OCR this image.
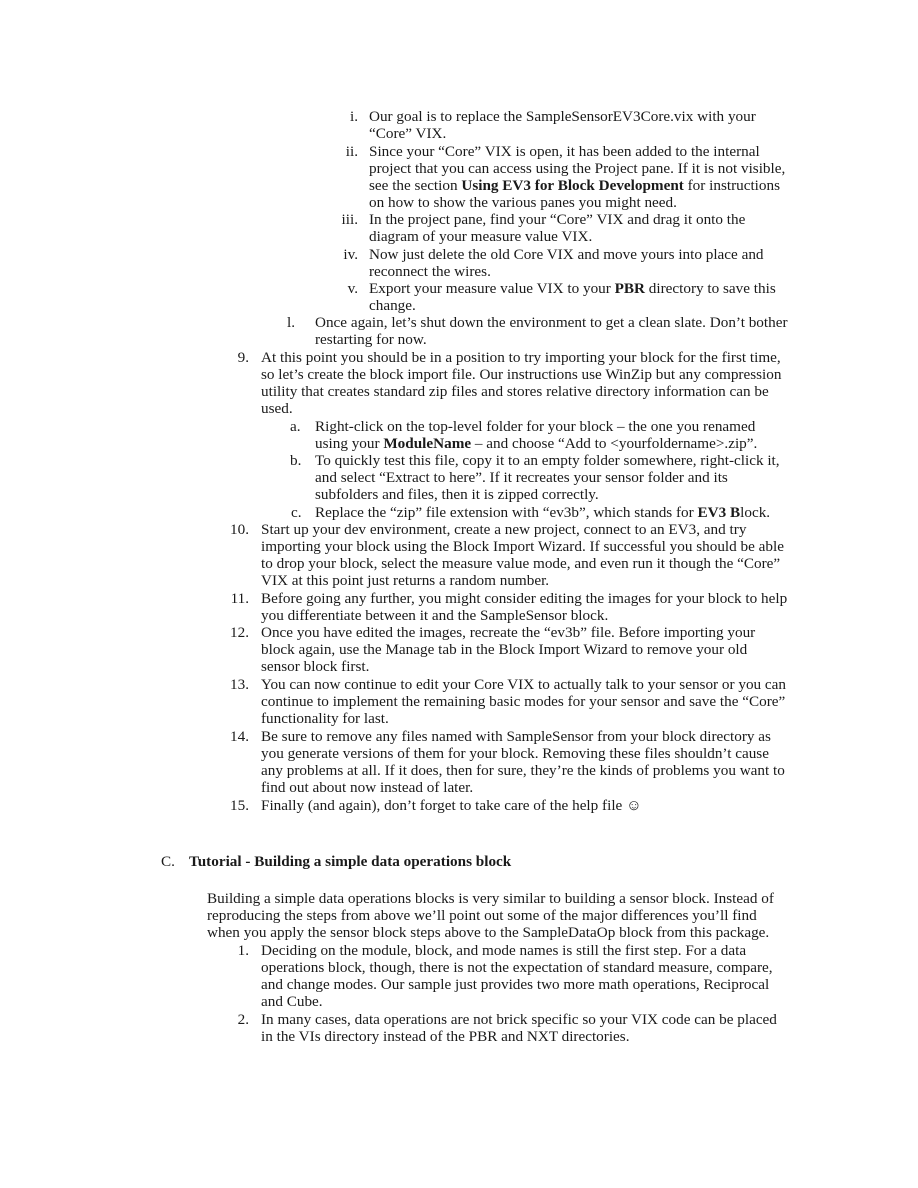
i. Our goal is to replace the SampleSensorEV3Core.vix with your
“Core” VIX.
ii. Since your “Core” VIX is open, it has been added to the internal
project that you can access using the Project pane. If it is not visible,
see the section Using EV3 for Block Development for instructions
on how to show the various panes you might need.
iii. In the project pane, find your “Core” VIX and drag it onto the
diagram of your measure value VIX.
iv. Now just delete the old Core VIX and move yours into place and
reconnect the wires.
v. Export your measure value VIX to your PBR directory to save this
change.
l. Once again, let’s shut down the environment to get a clean slate. Don’t bother
restarting for now.
9. At this point you should be in a position to try importing your block for the first time,
so let’s create the block import file. Our instructions use WinZip but any compression
utility that creates standard zip files and stores relative directory information can be
used.
a. Right-click on the top-level folder for your block – the one you renamed
using your ModuleName – and choose “Add to <yourfoldername>.zip”.
b. To quickly test this file, copy it to an empty folder somewhere, right-click it,
and select “Extract to here”. If it recreates your sensor folder and its
subfolders and files, then it is zipped correctly.
c. Replace the “zip” file extension with “ev3b”, which stands for EV3 Block.
10. Start up your dev environment, create a new project, connect to an EV3, and try
importing your block using the Block Import Wizard. If successful you should be able
to drop your block, select the measure value mode, and even run it though the “Core”
VIX at this point just returns a random number.
11. Before going any further, you might consider editing the images for your block to help
you differentiate between it and the SampleSensor block.
12. Once you have edited the images, recreate the “ev3b” file. Before importing your
block again, use the Manage tab in the Block Import Wizard to remove your old
sensor block first.
13. You can now continue to edit your Core VIX to actually talk to your sensor or you can
continue to implement the remaining basic modes for your sensor and save the “Core”
functionality for last.
14. Be sure to remove any files named with SampleSensor from your block directory as
you generate versions of them for your block. Removing these files shouldn’t cause
any problems at all. If it does, then for sure, they’re the kinds of problems you want to
find out about now instead of later.
15. Finally (and again), don’t forget to take care of the help file ☺
C. Tutorial - Building a simple data operations block
Building a simple data operations blocks is very similar to building a sensor block. Instead of
reproducing the steps from above we’ll point out some of the major differences you’ll find
when you apply the sensor block steps above to the SampleDataOp block from this package.
1. Deciding on the module, block, and mode names is still the first step. For a data
operations block, though, there is not the expectation of standard measure, compare,
and change modes. Our sample just provides two more math operations, Reciprocal
and Cube.
2. In many cases, data operations are not brick specific so your VIX code can be placed
in the VIs directory instead of the PBR and NXT directories.
